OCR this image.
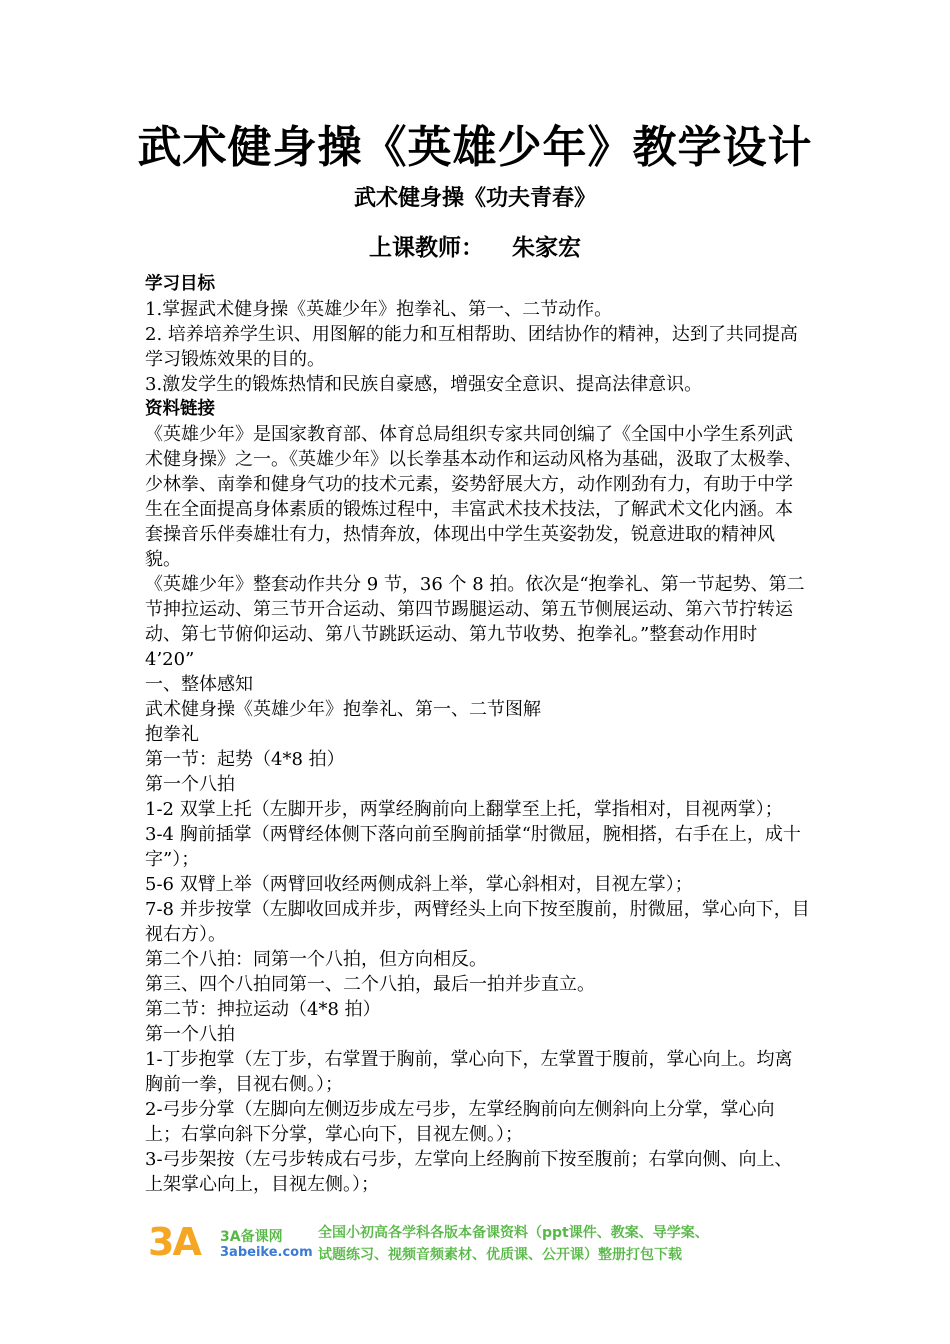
武术健身操《英雄少年》教学设计
武术健身操《功夫青春》
上课教师： 朱家宏

学习目标

1.掌握武术健身操《英雄少年》抱拳礼、第一、二节动作。

2. 培养培养学生识、用图解的能力和互相帮助、团结协作的精神，达到了共同提高学习锻炼效果的目的。

3.激发学生的锻炼热情和民族自豪感，增强安全意识、提高法律意识。

资料链接

《英雄少年》是国家教育部、体育总局组织专家共同创编了《全国中小学生系列武术健身操》之一。《英雄少年》以长拳基本动作和运动风格为基础，汲取了太极拳、少林拳、南拳和健身气功的技术元素，姿势舒展大方，动作刚劲有力，有助于中学生在全面提高身体素质的锻炼过程中，丰富武术技术技法，了解武术文化内涵。本套操音乐伴奏雄壮有力，热情奔放，体现出中学生英姿勃发，锐意进取的精神风貌。

《英雄少年》整套动作共分 9 节，36 个 8 拍。依次是“抱拳礼、第一节起势、第二节抻拉运动、第三节开合运动、第四节踢腿运动、第五节侧展运动、第六节拧转运动、第七节俯仰运动、第八节跳跃运动、第九节收势、抱拳礼。”整套动作用时 4’20”

一、整体感知

武术健身操《英雄少年》抱拳礼、第一、二节图解

抱拳礼

第一节：起势（4*8 拍）

第一个八拍

1-2 双掌上托（左脚开步，两掌经胸前向上翻掌至上托，掌指相对，目视两掌）；

3-4 胸前插掌（两臂经体侧下落向前至胸前插掌“肘微屈，腕相搭，右手在上，成十字”）；

5-6 双臂上举（两臂回收经两侧成斜上举，掌心斜相对，目视左掌）；

7-8 并步按掌（左脚收回成并步，两臂经头上向下按至腹前，肘微屈，掌心向下，目视右方）。

第二个八拍：同第一个八拍，但方向相反。

第三、四个八拍同第一、二个八拍，最后一拍并步直立。

第二节：抻拉运动（4*8 拍）

第一个八拍

1-丁步抱掌（左丁步，右掌置于胸前，掌心向下，左掌置于腹前，掌心向上。均离胸前一拳，目视右侧。）；

2-弓步分掌（左脚向左侧迈步成左弓步，左掌经胸前向左侧斜向上分掌，掌心向上；右掌向斜下分掌，掌心向下，目视左侧。）；

3-弓步架按（左弓步转成右弓步，左掌向上经胸前下按至腹前；右掌向侧、向上、上架掌心向上，目视左侧。）；

3A 3A备课网
3abeike.com
全国小初高各学科各版本备课资料（ppt课件、教案、导学案、
试题练习、视频音频素材、优质课、公开课）整册打包下载
